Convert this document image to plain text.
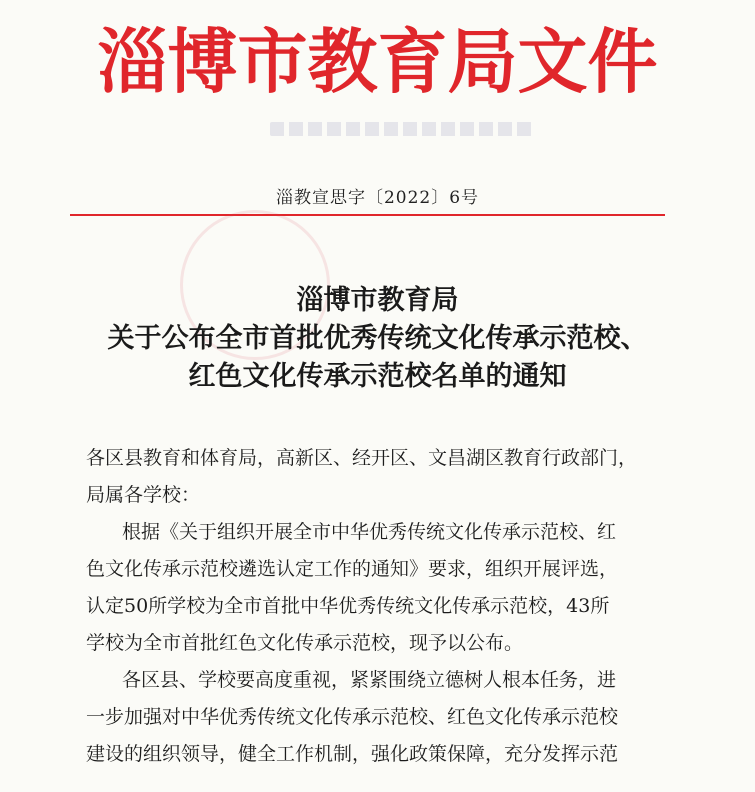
淄博市教育局文件
淄教宣思字〔2022〕6号
淄博市教育局
关于公布全市首批优秀传统文化传承示范校、
红色文化传承示范校名单的通知
各区县教育和体育局，高新区、经开区、文昌湖区教育行政部门，
局属各学校：
根据《关于组织开展全市中华优秀传统文化传承示范校、红
色文化传承示范校遴选认定工作的通知》要求，组织开展评选，
认定50所学校为全市首批中华优秀传统文化传承示范校，43所
学校为全市首批红色文化传承示范校，现予以公布。
各区县、学校要高度重视，紧紧围绕立德树人根本任务，进
一步加强对中华优秀传统文化传承示范校、红色文化传承示范校
建设的组织领导，健全工作机制，强化政策保障，充分发挥示范
